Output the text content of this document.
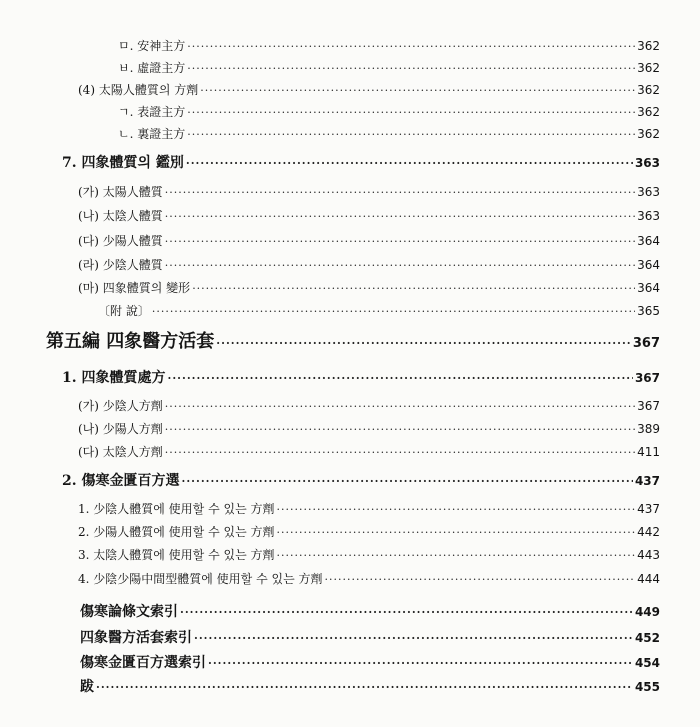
ㅁ. 安神主方 ·····	362
ㅂ. 虛證主方 ·····	362
(4) 太陽人體質의 方劑 ·····	362
ㄱ. 表證主方 ·····	362
ㄴ. 裏證主方 ·····	362
7. 四象體質의 鑑別 ·····	363
(가) 太陽人體質 ·····	363
(나) 太陰人體質 ·····	363
(다) 少陽人體質 ·····	364
(라) 少陰人體質 ·····	364
(마) 四象體質의 變形 ·····	364
〔附 說〕 ·····	365
第五編 四象醫方活套 ·····	367
1. 四象體質處方 ·····	367
(가) 少陰人方劑 ·····	367
(나) 少陽人方劑 ·····	389
(다) 太陰人方劑 ·····	411
2. 傷寒金匱百方選 ·····	437
1. 少陰人體質에 使用할 수 있는 方劑 ·····	437
2. 少陽人體質에 使用할 수 있는 方劑 ·····	442
3. 太陰人體質에 使用할 수 있는 方劑 ·····	443
4. 少陰少陽中間型體質에 使用할 수 있는 方劑 ·····	444
傷寒論條文索引 ·····	449
四象醫方活套索引 ·····	452
傷寒金匱百方選索引 ·····	454
跋 ·····	455
